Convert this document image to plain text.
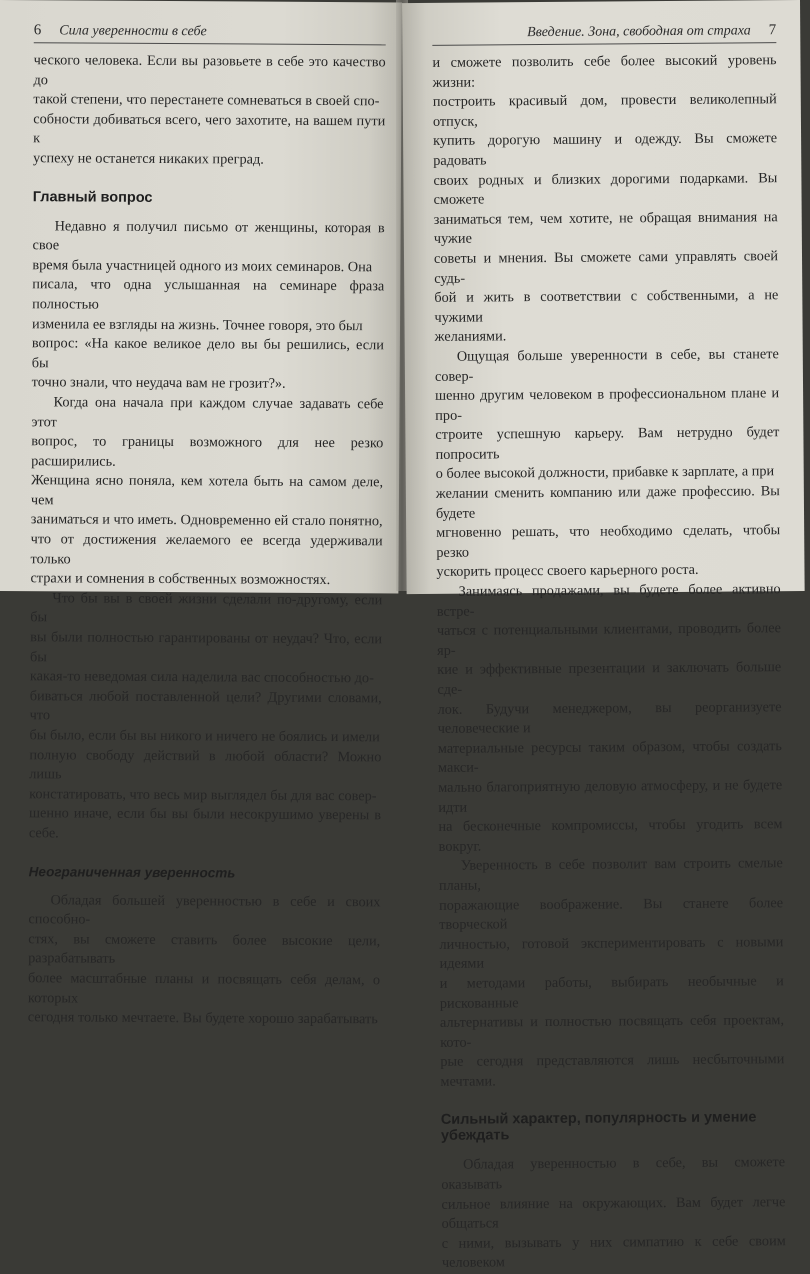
6 Сила уверенности в себе

ческого человека. Если вы разовьете в себе это качество до
такой степени, что перестанете сомневаться в своей спо-
собности добиваться всего, чего захотите, на вашем пути к
успеху не останется никаких преград.

Главный вопрос

Недавно я получил письмо от женщины, которая в свое
время была участницей одного из моих семинаров. Она
писала, что одна услышанная на семинаре фраза полностью
изменила ее взгляды на жизнь. Точнее говоря, это был
вопрос: «На какое великое дело вы бы решились, если бы
точно знали, что неудача вам не грозит?».

Когда она начала при каждом случае задавать себе этот
вопрос, то границы возможного для нее резко расширились.
Женщина ясно поняла, кем хотела быть на самом деле, чем
заниматься и что иметь. Одновременно ей стало понятно,
что от достижения желаемого ее всегда удерживали только
страхи и сомнения в собственных возможностях.

Что бы вы в своей жизни сделали по-другому, если бы
вы были полностью гарантированы от неудач? Что, если бы
какая-то неведомая сила наделила вас способностью до-
биваться любой поставленной цели? Другими словами, что
бы было, если бы вы никого и ничего не боялись и имели
полную свободу действий в любой области? Можно лишь
констатировать, что весь мир выглядел бы для вас совер-
шенно иначе, если бы вы были несокрушимо уверены в себе.

Неограниченная уверенность

Обладая большей уверенностью в себе и своих способно-
стях, вы сможете ставить более высокие цели, разрабатывать
более масштабные планы и посвящать себя делам, о которых
сегодня только мечтаете. Вы будете хорошо зарабатывать

Введение. Зона, свободная от страха 7

и сможете позволить себе более высокий уровень жизни:
построить красивый дом, провести великолепный отпуск,
купить дорогую машину и одежду. Вы сможете радовать
своих родных и близких дорогими подарками. Вы сможете
заниматься тем, чем хотите, не обращая внимания на чужие
советы и мнения. Вы сможете сами управлять своей судь-
бой и жить в соответствии с собственными, а не чужими
желаниями.

Ощущая больше уверенности в себе, вы станете совер-
шенно другим человеком в профессиональном плане и про-
строите успешную карьеру. Вам нетрудно будет попросить
о более высокой должности, прибавке к зарплате, а при
желании сменить компанию или даже профессию. Вы будете
мгновенно решать, что необходимо сделать, чтобы резко
ускорить процесс своего карьерного роста.

Занимаясь продажами, вы будете более активно встре-
чаться с потенциальными клиентами, проводить более яр-
кие и эффективные презентации и заключать больше сде-
лок. Будучи менеджером, вы реорганизуете человеческие и
материальные ресурсы таким образом, чтобы создать макси-
мально благоприятную деловую атмосферу, и не будете идти
на бесконечные компромиссы, чтобы угодить всем вокруг.

Уверенность в себе позволит вам строить смелые планы,
поражающие воображение. Вы станете более творческой
личностью, готовой экспериментировать с новыми идеями
и методами работы, выбирать необычные и рискованные
альтернативы и полностью посвящать себя проектам, кото-
рые сегодня представляются лишь несбыточными мечтами.

Сильный характер, популярность и умение убеждать

Обладая уверенностью в себе, вы сможете оказывать
сильное влияние на окружающих. Вам будет легче общаться
с ними, вызывать у них симпатию к себе своим человеком
